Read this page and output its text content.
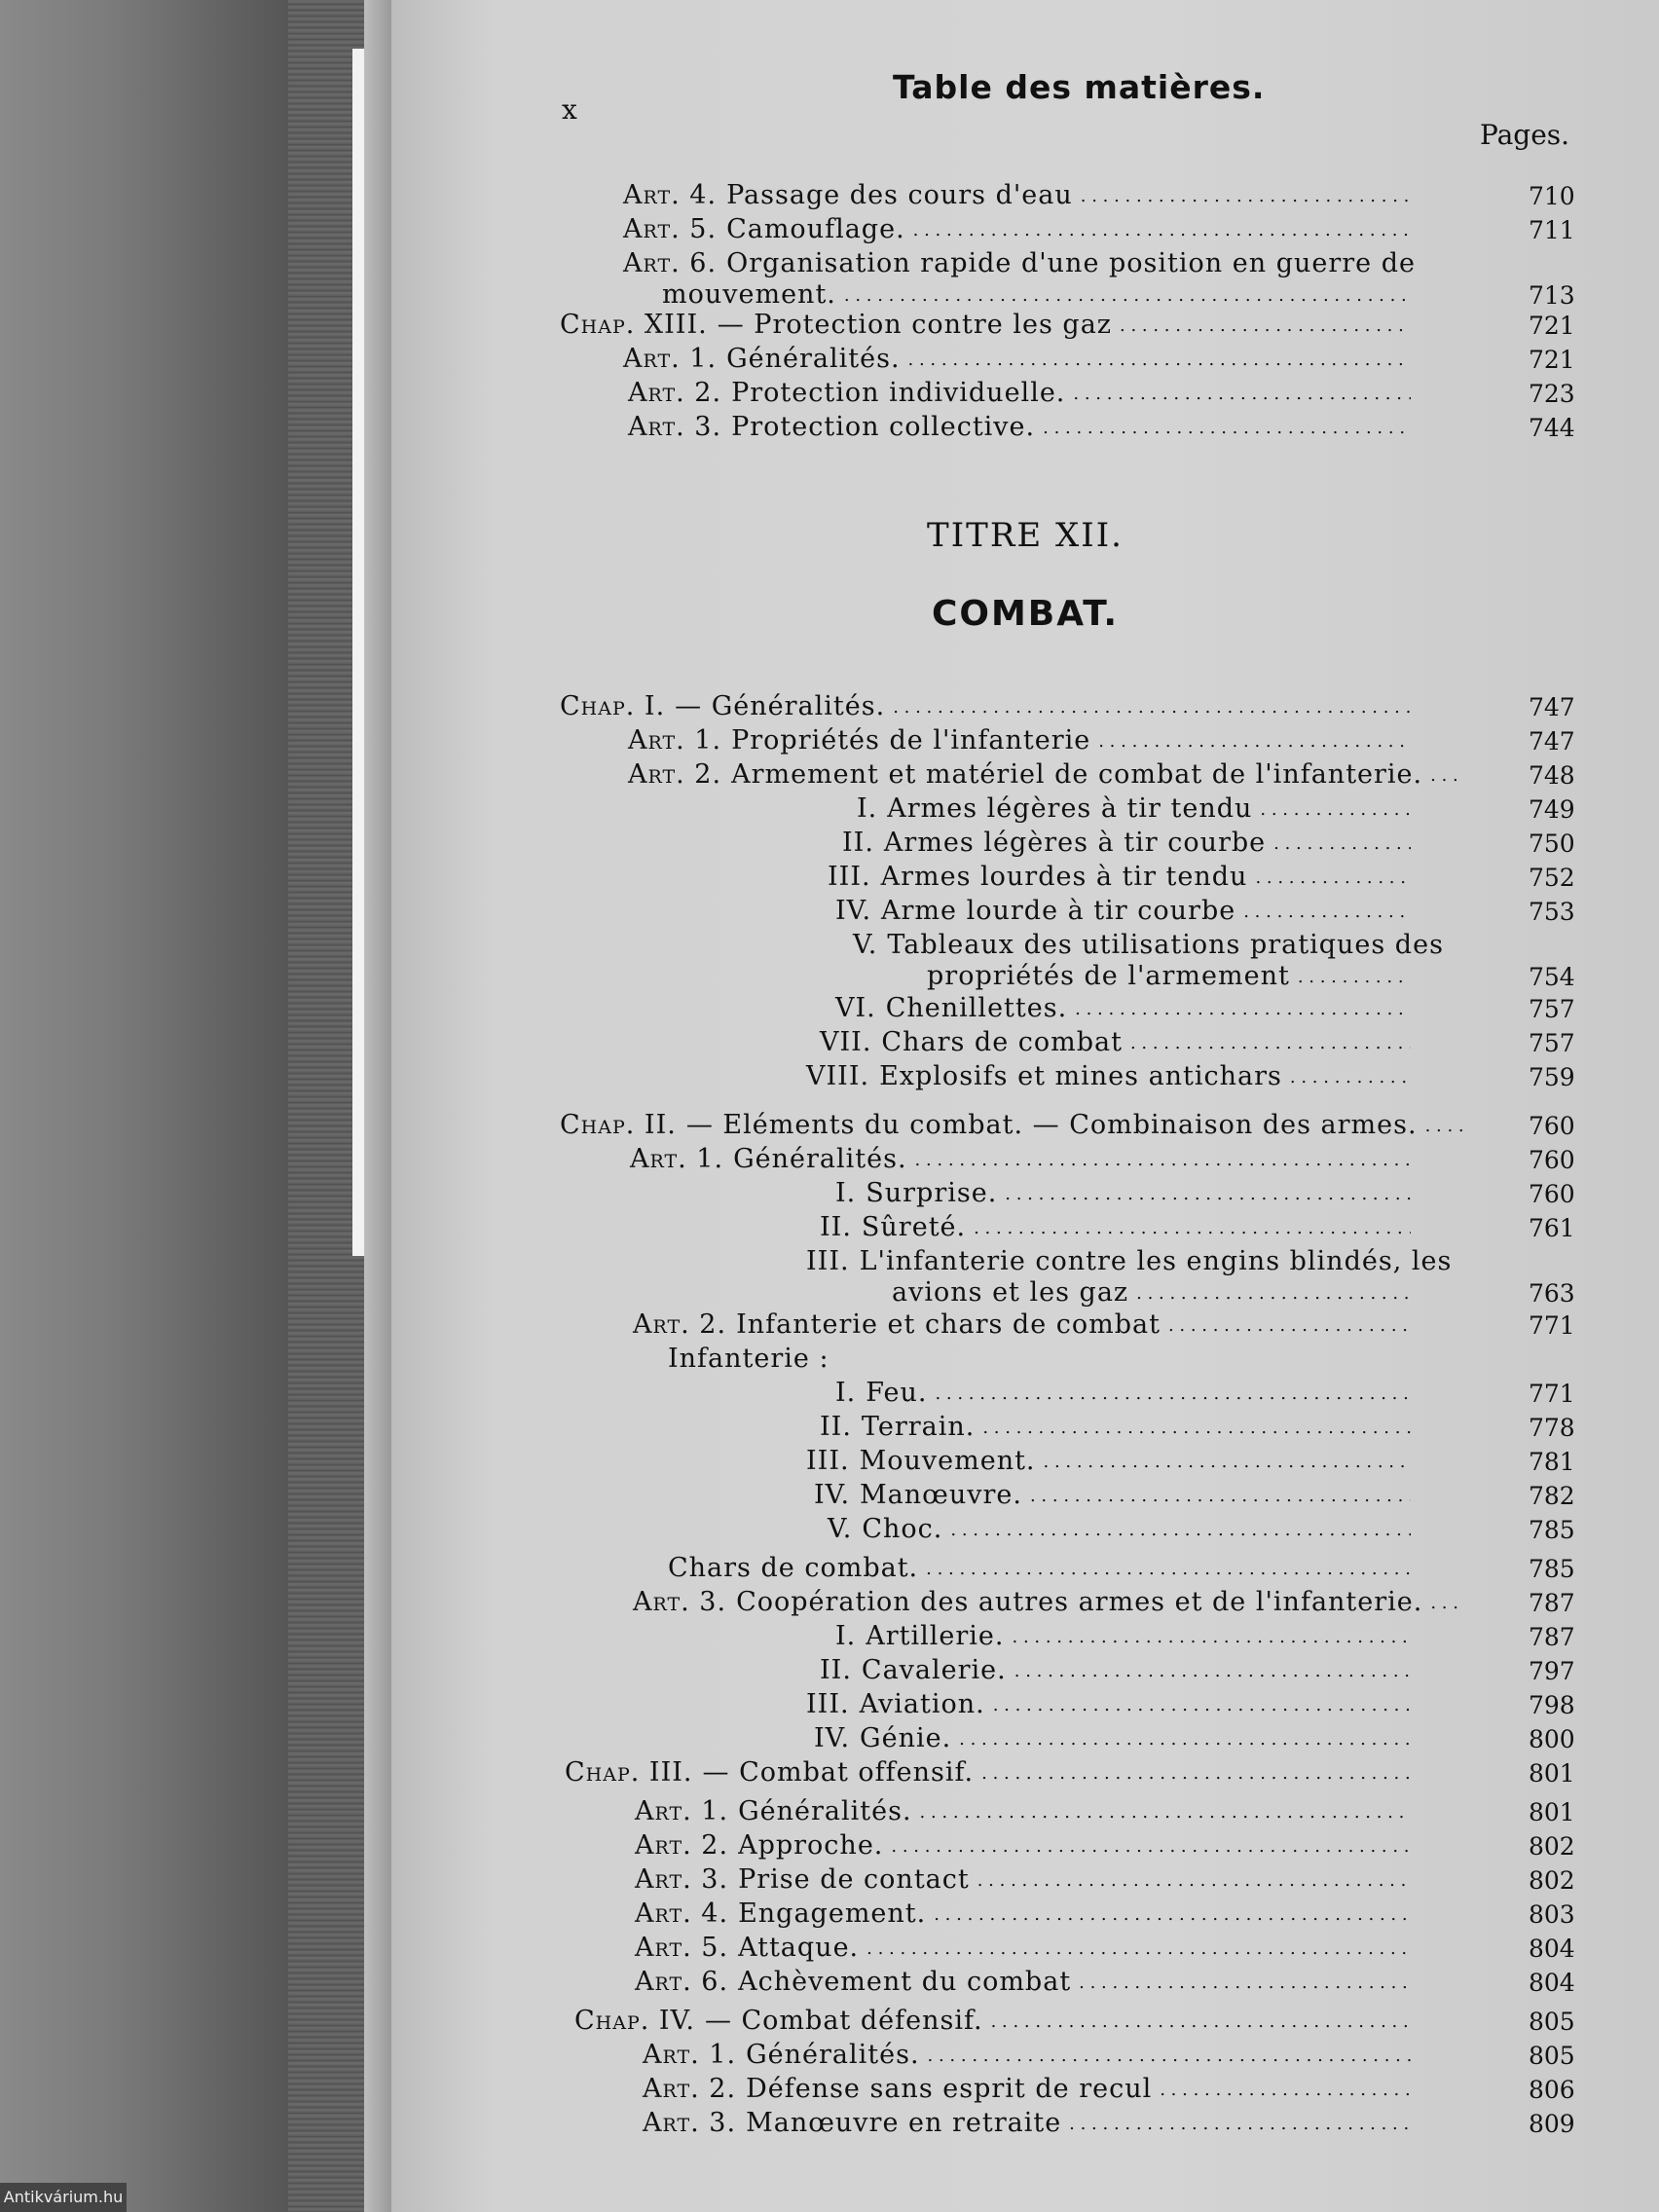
x
Table des matières.
Pages.
TITRE XII.
COMBAT.
Art. 4. Passage des cours d'eau . . .	710
Art. 5. Camouflage. . . .	711
Art. 6. Organisation rapide d'une position en guerre de
mouvement. . . .	713
Chap. XIII. — Protection contre les gaz . . .	721
Art. 1. Généralités. . . .	721
Art. 2. Protection individuelle. . . .	723
Art. 3. Protection collective. . . .	744
Chap. I. — Généralités. . . .	747
Art. 1. Propriétés de l'infanterie . . .	747
Art. 2. Armement et matériel de combat de l'infanterie. . . .	748
I. Armes légères à tir tendu . . .	749
II. Armes légères à tir courbe . . .	750
III. Armes lourdes à tir tendu . . .	752
IV. Arme lourde à tir courbe . . .	753
V. Tableaux des utilisations pratiques des
propriétés de l'armement . . .	754
VI. Chenillettes. . . .	757
VII. Chars de combat . . .	757
VIII. Explosifs et mines antichars . . .	759
Chap. II. — Eléments du combat. — Combinaison des armes. . . .	760
Art. 1. Généralités. . . .	760
I. Surprise. . . .	760
II. Sûreté. . . .	761
III. L'infanterie contre les engins blindés, les
avions et les gaz . . .	763
Art. 2. Infanterie et chars de combat . . .	771
Infanterie :
I. Feu. . . .	771
II. Terrain. . . .	778
III. Mouvement. . . .	781
IV. Manœuvre. . . .	782
V. Choc. . . .	785
Chars de combat. . . .	785
Art. 3. Coopération des autres armes et de l'infanterie. . . .	787
I. Artillerie. . . .	787
II. Cavalerie. . . .	797
III. Aviation. . . .	798
IV. Génie. . . .	800
Chap. III. — Combat offensif. . . .	801
Art. 1. Généralités. . . .	801
Art. 2. Approche. . . .	802
Art. 3. Prise de contact . . .	802
Art. 4. Engagement. . . .	803
Art. 5. Attaque. . . .	804
Art. 6. Achèvement du combat . . .	804
Chap. IV. — Combat défensif. . . .	805
Art. 1. Généralités. . . .	805
Art. 2. Défense sans esprit de recul . . .	806
Art. 3. Manœuvre en retraite . . .	809
Antikvárium.hu
